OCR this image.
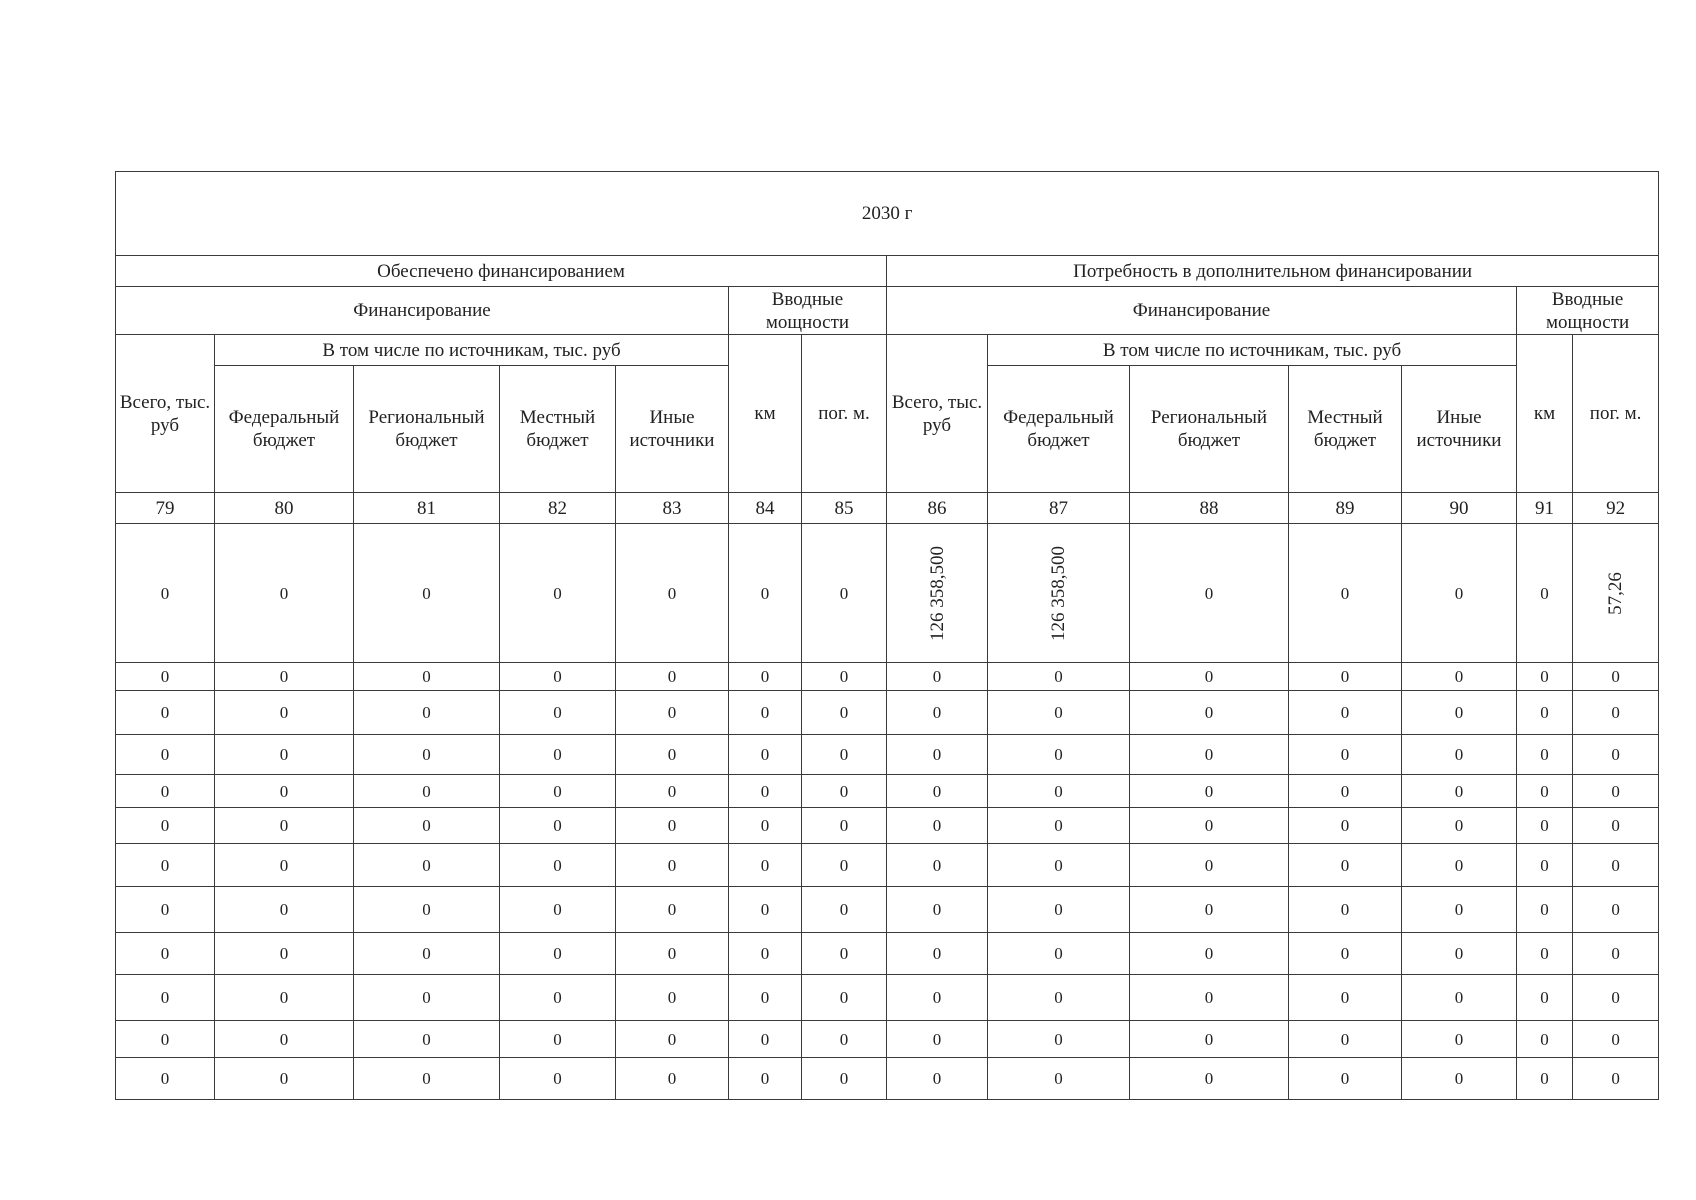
2030 г													
Обеспечено финансированием							Потребность в дополнительном финансировании						
Финансирование					Вводные мощности		Финансирование					Вводные мощности	
Всего, тыс. руб	В том числе по источникам, тыс. руб				км	пог. м.	Всего, тыс. руб	В том числе по источникам, тыс. руб				км	пог. м.
	Федеральный бюджет	Региональный бюджет	Местный бюджет	Иные источники				Федеральный бюджет	Региональный бюджет	Местный бюджет	Иные источники		
79	80	81	82	83	84	85	86	87	88	89	90	91	92
0	0	0	0	0	0	0	126 358,500	126 358,500	0	0	0	0	57,26
0	0	0	0	0	0	0	0	0	0	0	0	0	0
0	0	0	0	0	0	0	0	0	0	0	0	0	0
0	0	0	0	0	0	0	0	0	0	0	0	0	0
0	0	0	0	0	0	0	0	0	0	0	0	0	0
0	0	0	0	0	0	0	0	0	0	0	0	0	0
0	0	0	0	0	0	0	0	0	0	0	0	0	0
0	0	0	0	0	0	0	0	0	0	0	0	0	0
0	0	0	0	0	0	0	0	0	0	0	0	0	0
0	0	0	0	0	0	0	0	0	0	0	0	0	0
0	0	0	0	0	0	0	0	0	0	0	0	0	0
0	0	0	0	0	0	0	0	0	0	0	0	0	0
